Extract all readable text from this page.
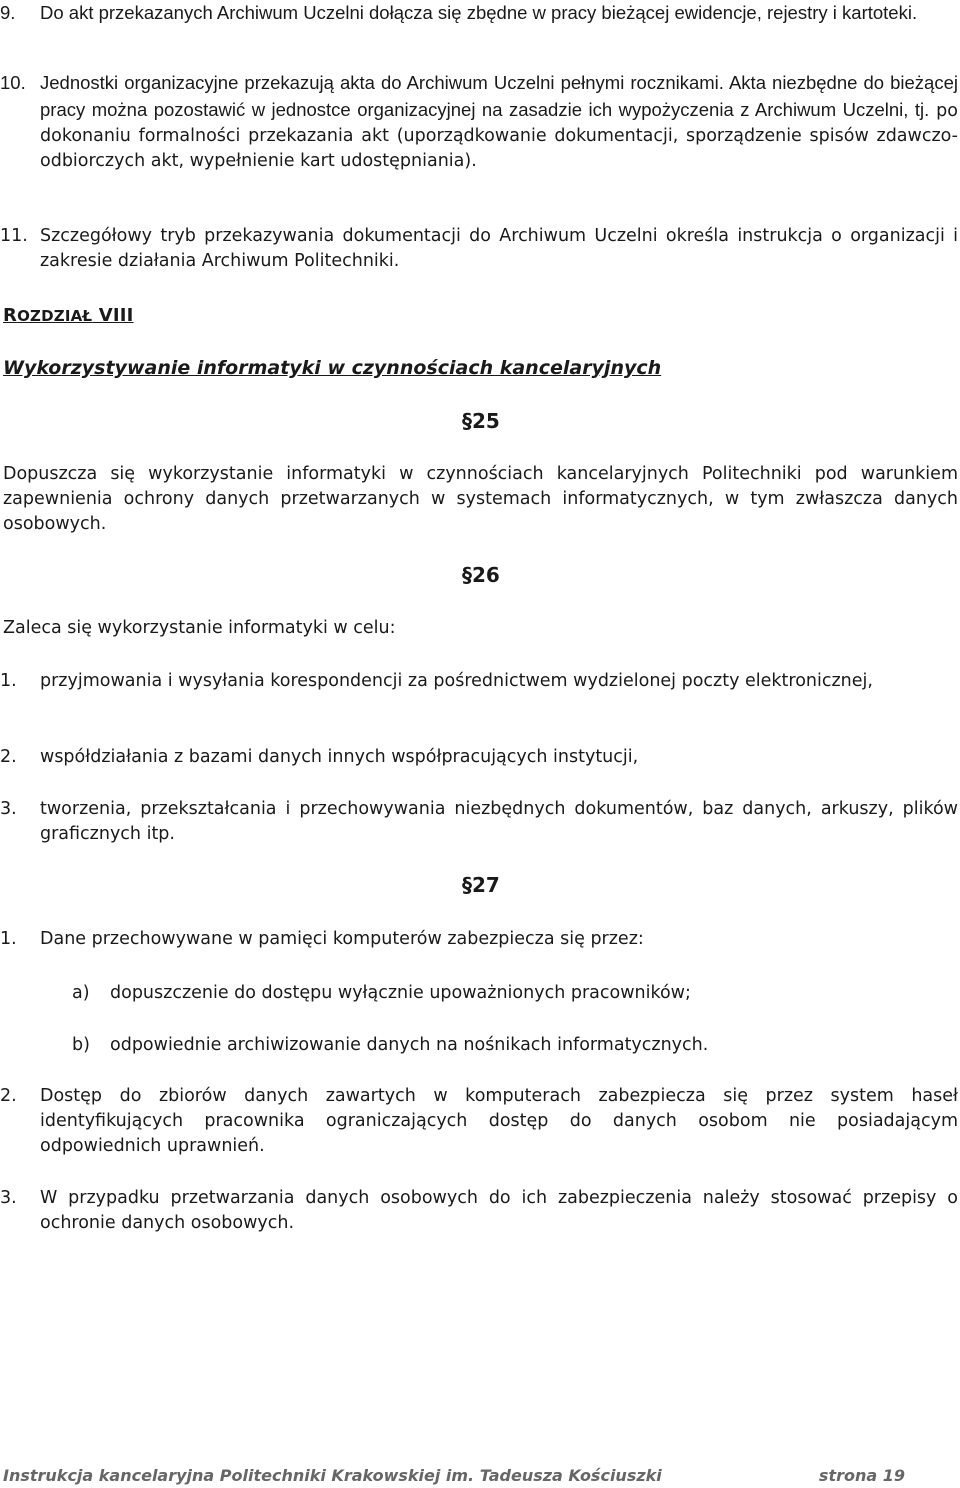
9.	Do akt przekazanych Archiwum Uczelni dołącza się zbędne w pracy bieżącej ewidencje, rejestry i kartoteki.
10. Jednostki organizacyjne przekazują akta do Archiwum Uczelni pełnymi rocznikami. Akta niezbędne do bieżącej pracy można pozostawić w jednostce organizacyjnej na zasadzie ich wypożyczenia z Archiwum Uczelni, tj. po dokonaniu formalności przekazania akt (uporządkowanie dokumentacji, sporządzenie spisów zdawczo-odbiorczych akt, wypełnienie kart udostępniania).
11. Szczegółowy tryb przekazywania dokumentacji do Archiwum Uczelni określa instrukcja o organizacji i zakresie działania Archiwum Politechniki.
ROZDZIAŁ VIII
Wykorzystywanie informatyki w czynnościach kancelaryjnych
§25
Dopuszcza się wykorzystanie informatyki w czynnościach kancelaryjnych Politechniki pod warunkiem zapewnienia ochrony danych przetwarzanych w systemach informatycznych, w tym zwłaszcza danych osobowych.
§26
Zaleca się wykorzystanie informatyki w celu:
1.	przyjmowania i wysyłania korespondencji za pośrednictwem wydzielonej poczty elektronicznej,
2.	współdziałania z bazami danych innych współpracujących instytucji,
3.	tworzenia, przekształcania i przechowywania niezbędnych dokumentów, baz danych, arkuszy, plików graficznych itp.
§27
1.	Dane przechowywane w pamięci komputerów zabezpiecza się przez:
a)	dopuszczenie do dostępu wyłącznie upoważnionych pracowników;
b)	odpowiednie archiwizowanie danych na nośnikach informatycznych.
2.	Dostęp do zbiorów danych zawartych w komputerach zabezpiecza się przez system haseł identyfikujących pracownika ograniczających dostęp do danych osobom nie posiadającym odpowiednich uprawnień.
3.	W przypadku przetwarzania danych osobowych do ich zabezpieczenia należy stosować przepisy o ochronie danych osobowych.
Instrukcja kancelaryjna Politechniki Krakowskiej im. Tadeusza Kościuszki	strona 19
